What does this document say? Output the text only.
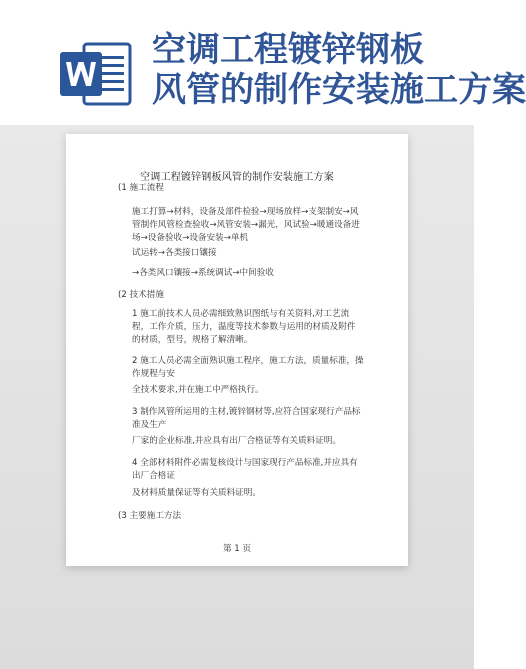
空调工程镀锌钢板
风管的制作安装施工方案
空调工程镀锌钢板风管的制作安装施工方案

(1 施工流程

施工打算→材料，设备及部件检验→现场放样→支架制安→风管制作风管检查验收→风管安装→漏光，风试验→暖通设备进场→设备验收→设备安装→单机

试运转→各类接口镶接

→各类风口镶接→系统调试→中间验收

(2 技术措施

1 施工前技术人员必需细致熟识图纸与有关资料,对工艺流程，工作介质，压力，温度等技术参数与运用的材质及附件的材质，型号，规格了解清晰。

2 施工人员必需全面熟识施工程序，施工方法，质量标准，操作规程与安

全技术要求,并在施工中严格执行。

3 制作风管所运用的主材,镀锌钢材等,应符合国家现行产品标准及生产

厂家的企业标准,并应具有出厂合格证等有关质料证明。

4 全部材料附件必需复核设计与国家现行产品标准,并应具有出厂合格证

及材料质量保证等有关质料证明。

(3 主要施工方法

第 1 页
